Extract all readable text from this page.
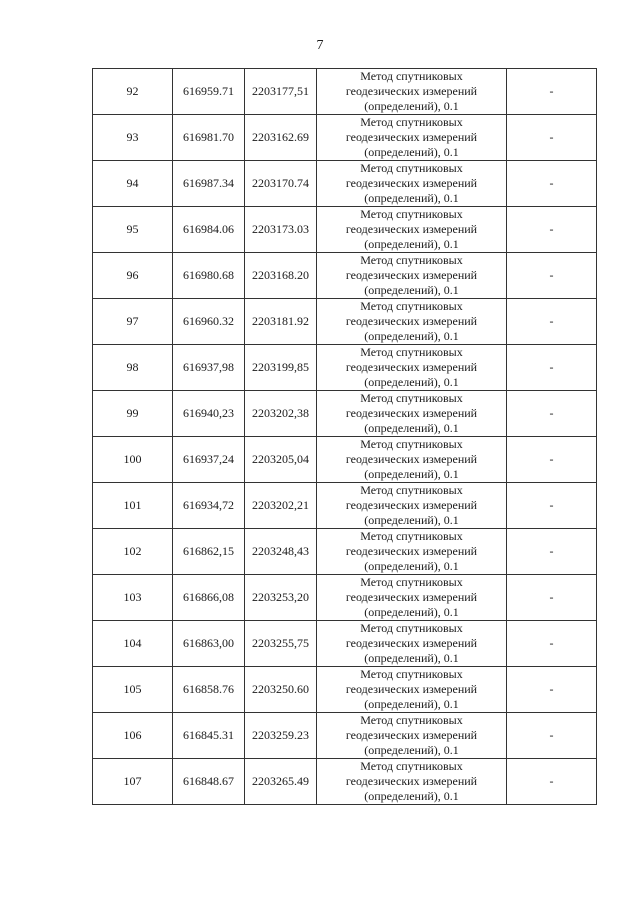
7
92	616959.71	2203177,51	Метод спутниковых
геодезических измерений
(определений), 0.1	-
93	616981.70	2203162.69	Метод спутниковых
геодезических измерений
(определений), 0.1	-
94	616987.34	2203170.74	Метод спутниковых
геодезических измерений
(определений), 0.1	-
95	616984.06	2203173.03	Метод спутниковых
геодезических измерений
(определений), 0.1	-
96	616980.68	2203168.20	Метод спутниковых
геодезических измерений
(определений), 0.1	-
97	616960.32	2203181.92	Метод спутниковых
геодезических измерений
(определений), 0.1	-
98	616937,98	2203199,85	Метод спутниковых
геодезических измерений
(определений), 0.1	-
99	616940,23	2203202,38	Метод спутниковых
геодезических измерений
(определений), 0.1	-
100	616937,24	2203205,04	Метод спутниковых
геодезических измерений
(определений), 0.1	-
101	616934,72	2203202,21	Метод спутниковых
геодезических измерений
(определений), 0.1	-
102	616862,15	2203248,43	Метод спутниковых
геодезических измерений
(определений), 0.1	-
103	616866,08	2203253,20	Метод спутниковых
геодезических измерений
(определений), 0.1	-
104	616863,00	2203255,75	Метод спутниковых
геодезических измерений
(определений), 0.1	-
105	616858.76	2203250.60	Метод спутниковых
геодезических измерений
(определений), 0.1	-
106	616845.31	2203259.23	Метод спутниковых
геодезических измерений
(определений), 0.1	-
107	616848.67	2203265.49	Метод спутниковых
геодезических измерений
(определений), 0.1	-
